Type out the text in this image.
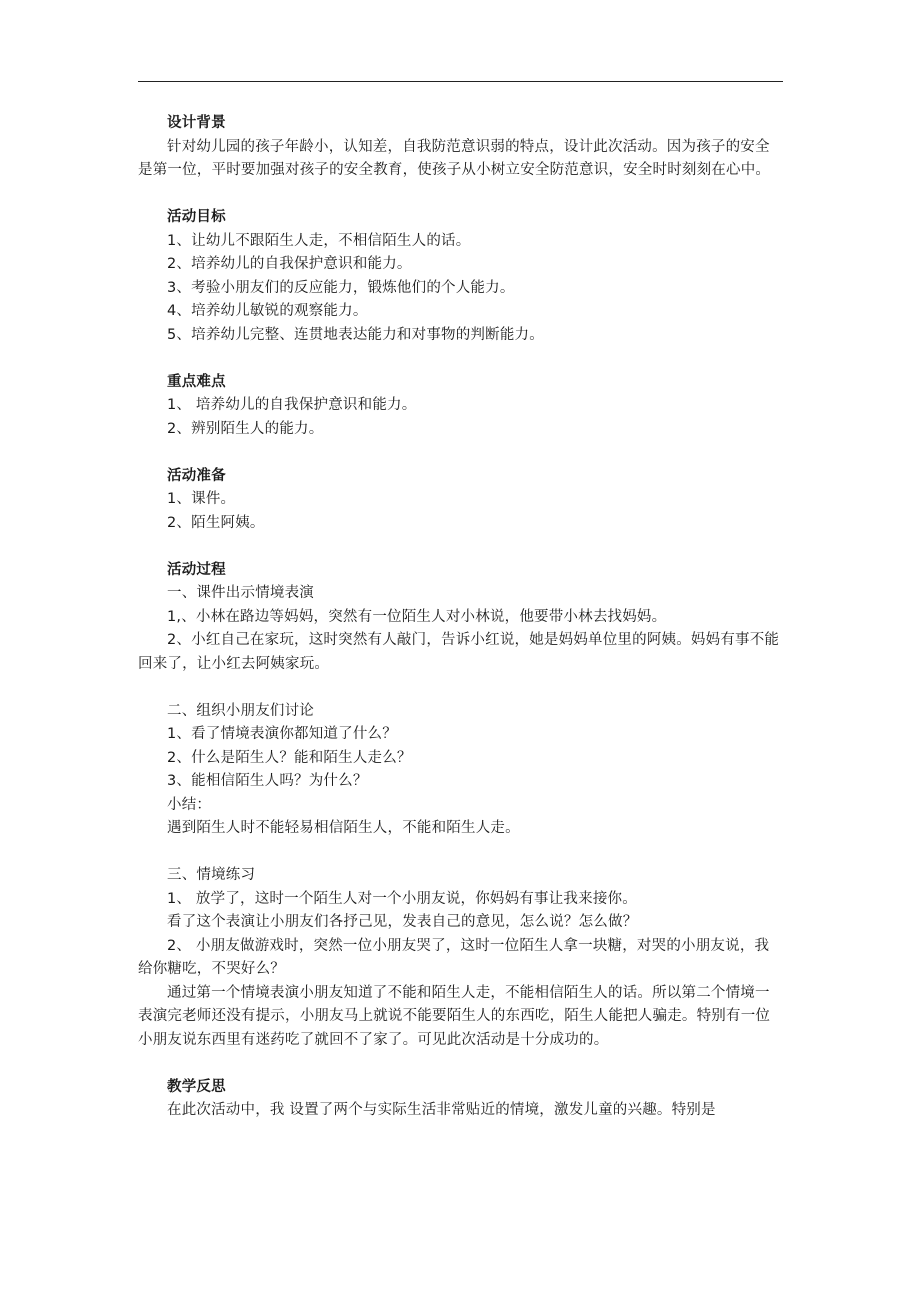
设计背景
针对幼儿园的孩子年龄小，认知差，自我防范意识弱的特点，设计此次活动。因为孩子的安全是第一位，平时要加强对孩子的安全教育，使孩子从小树立安全防范意识，安全时时刻刻在心中。
活动目标
1、让幼儿不跟陌生人走，不相信陌生人的话。
2、培养幼儿的自我保护意识和能力。
3、考验小朋友们的反应能力，锻炼他们的个人能力。
4、培养幼儿敏锐的观察能力。
5、培养幼儿完整、连贯地表达能力和对事物的判断能力。
重点难点
1、 培养幼儿的自我保护意识和能力。
2、辨别陌生人的能力。
活动准备
1、课件。
2、陌生阿姨。
活动过程
一、课件出示情境表演
1,、小林在路边等妈妈，突然有一位陌生人对小林说，他要带小林去找妈妈。
2、小红自己在家玩，这时突然有人敲门，告诉小红说，她是妈妈单位里的阿姨。妈妈有事不能回来了，让小红去阿姨家玩。
二、组织小朋友们讨论
1、看了情境表演你都知道了什么？
2、什么是陌生人？能和陌生人走么？
3、能相信陌生人吗？为什么？
小结：
遇到陌生人时不能轻易相信陌生人，不能和陌生人走。
三、情境练习
1、 放学了，这时一个陌生人对一个小朋友说，你妈妈有事让我来接你。
看了这个表演让小朋友们各抒己见，发表自己的意见，怎么说？怎么做？
2、 小朋友做游戏时，突然一位小朋友哭了，这时一位陌生人拿一块糖，对哭的小朋友说，我给你糖吃，不哭好么？
通过第一个情境表演小朋友知道了不能和陌生人走，不能相信陌生人的话。所以第二个情境一表演完老师还没有提示，小朋友马上就说不能要陌生人的东西吃，陌生人能把人骗走。特别有一位小朋友说东西里有迷药吃了就回不了家了。可见此次活动是十分成功的。
教学反思
在此次活动中，我 设置了两个与实际生活非常贴近的情境，激发儿童的兴趣。特别是
